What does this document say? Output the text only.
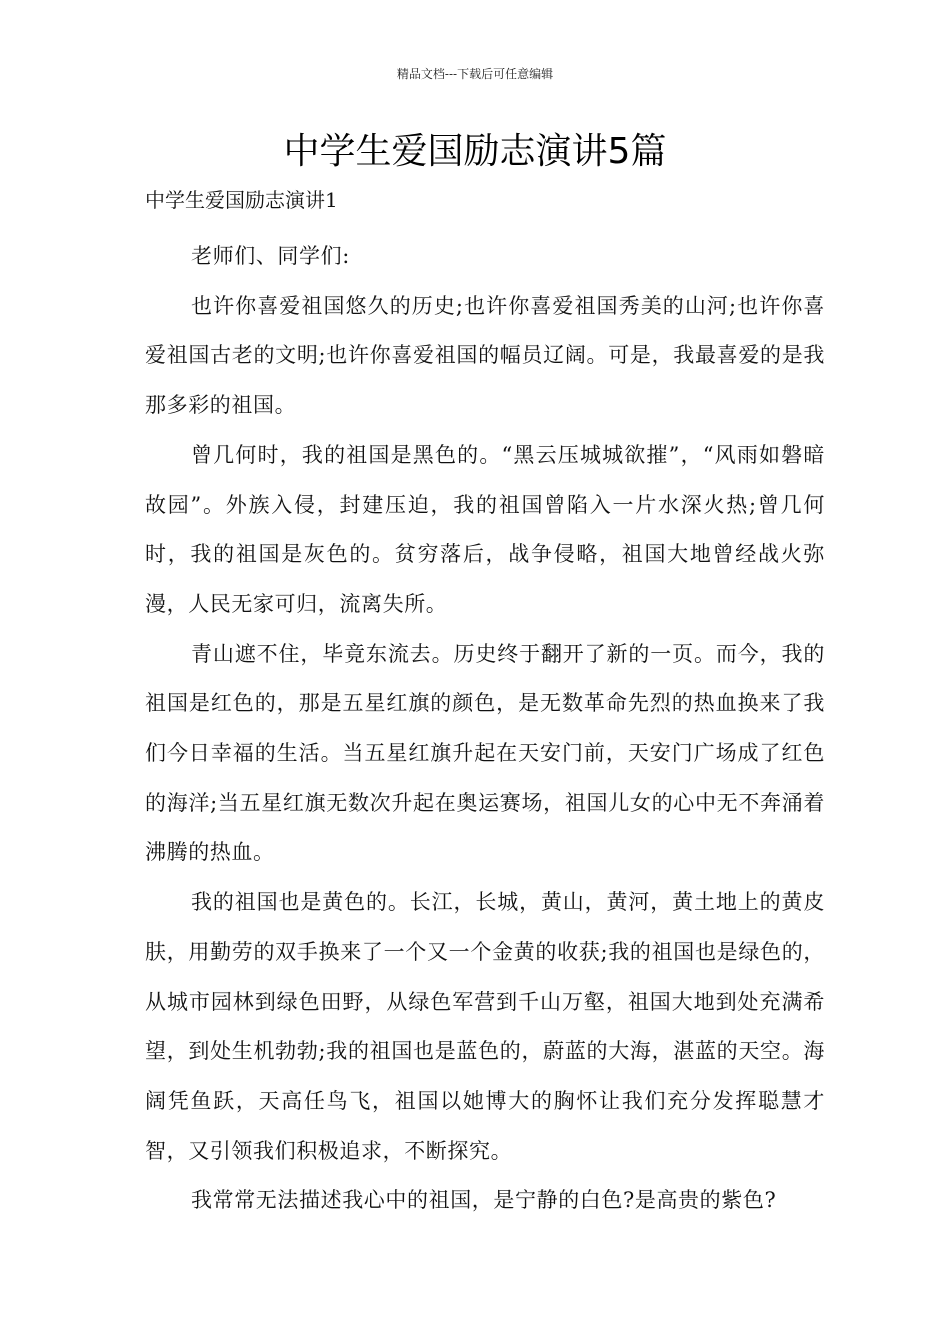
精品文档---下载后可任意编辑
中学生爱国励志演讲5篇
中学生爱国励志演讲1

老师们、同学们:

也许你喜爱祖国悠久的历史;也许你喜爱祖国秀美的山河;也许你喜爱祖国古老的文明;也许你喜爱祖国的幅员辽阔。可是，我最喜爱的是我那多彩的祖国。

曾几何时，我的祖国是黑色的。“黑云压城城欲摧”，“风雨如磐暗故园”。外族入侵，封建压迫，我的祖国曾陷入一片水深火热;曾几何时，我的祖国是灰色的。贫穷落后，战争侵略，祖国大地曾经战火弥漫，人民无家可归，流离失所。

青山遮不住，毕竟东流去。历史终于翻开了新的一页。而今，我的祖国是红色的，那是五星红旗的颜色，是无数革命先烈的热血换来了我们今日幸福的生活。当五星红旗升起在天安门前，天安门广场成了红色的海洋;当五星红旗无数次升起在奥运赛场，祖国儿女的心中无不奔涌着沸腾的热血。

我的祖国也是黄色的。长江，长城，黄山，黄河，黄土地上的黄皮肤，用勤劳的双手换来了一个又一个金黄的收获;我的祖国也是绿色的，从城市园林到绿色田野，从绿色军营到千山万壑，祖国大地到处充满希望，到处生机勃勃;我的祖国也是蓝色的，蔚蓝的大海，湛蓝的天空。海阔凭鱼跃，天高任鸟飞，祖国以她博大的胸怀让我们充分发挥聪慧才智，又引领我们积极追求，不断探究。

我常常无法描述我心中的祖国，是宁静的白色?是高贵的紫色?
